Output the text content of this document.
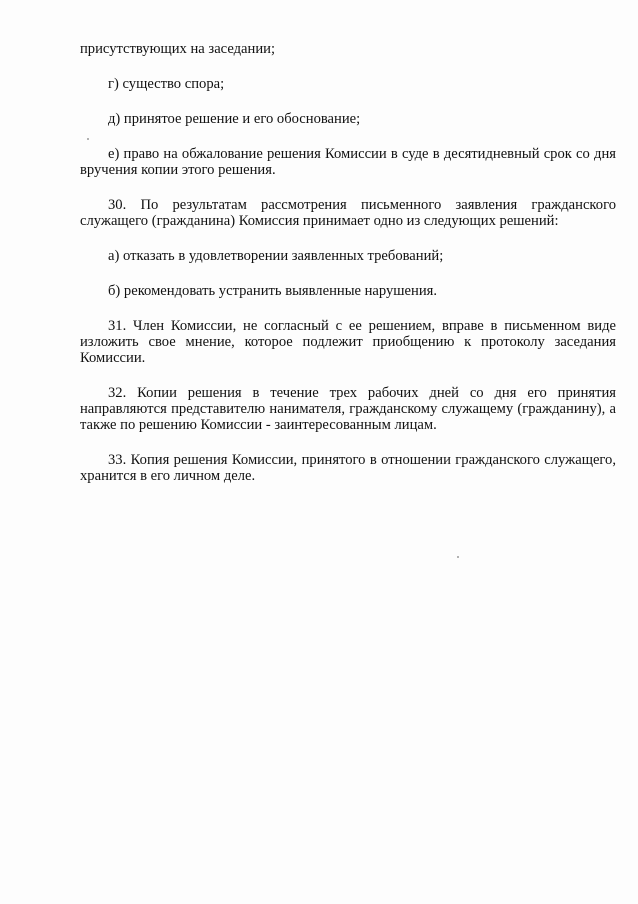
присутствующих на заседании;

г) существо спора;

д) принятое решение и его обоснование;

е) право на обжалование решения Комиссии в суде в десятидневный срок со дня вручения копии этого решения.

30. По результатам рассмотрения письменного заявления гражданского служащего (гражданина) Комиссия принимает одно из следующих решений:

а) отказать в удовлетворении заявленных требований;

б) рекомендовать устранить выявленные нарушения.

31. Член Комиссии, не согласный с ее решением, вправе в письменном виде изложить свое мнение, которое подлежит приобщению к протоколу заседания Комиссии.

32. Копии решения в течение трех рабочих дней со дня его принятия направляются представителю нанимателя, гражданскому служащему (гражданину), а также по решению Комиссии - заинтересованным лицам.

33. Копия решения Комиссии, принятого в отношении гражданского служащего, хранится в его личном деле.
